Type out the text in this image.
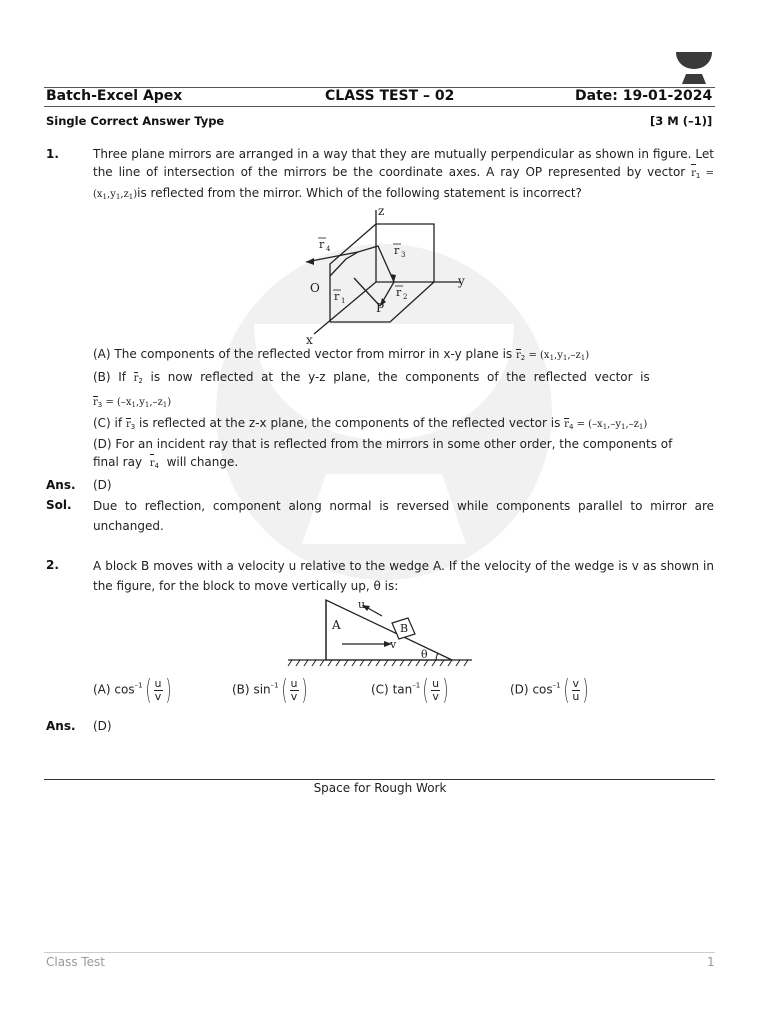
Batch-Excel Apex	CLASS TEST – 02	Date: 19-01-2024
Single Correct Answer Type	[3 M (–1)]
1.	Three plane mirrors are arranged in a way that they are mutually perpendicular as shown in figure. Let the line of intersection of the mirrors be the coordinate axes. A ray OP represented by vector $r_1 = (x_1,y_1,z_1)is$ reflected from the mirror. Which of the following statement is incorrect?
z
y
x
O
P
r 4	r 3
r 1
r 2
(A) The components of the reflected vector from mirror in x-y plane is $r_2 = (x_1,y_1,-z_1)$
(B)  If $r_2$ is  now  reflected  at  the  y-z  plane,  the  components  of  the  reflected  vector  is
$r_3 = (-x_1,y_1,-z_1)$
(C) if $r_3$ is reflected at the z-x plane, the components of the reflected vector is $r_4 = (-x_1,-y_1,-z_1)$
(D) For an incident ray that is reflected from the mirrors in some other order, the components of
final ray $r_4$ will change.
Ans. (D)
Sol. Due to reflection, component along normal is reversed while components parallel to mirror are unchanged.
2.	A block B moves with a velocity u relative to the wedge A. If the velocity of the wedge is v as shown in the figure, for the block to move vertically up, θ is:
A	B
u
v
θ
(A) $\cos^{-1}( \frac{u}{v}$ )	(B) $\sin^{-1}( \frac{u}{v}$ )	(C) $\tan^{-1}( \frac{u}{v}$ )	(D) $\cos^{-1}( \frac{v}{u}$ )
Ans. (D)
Space for Rough Work
Class Test	1
